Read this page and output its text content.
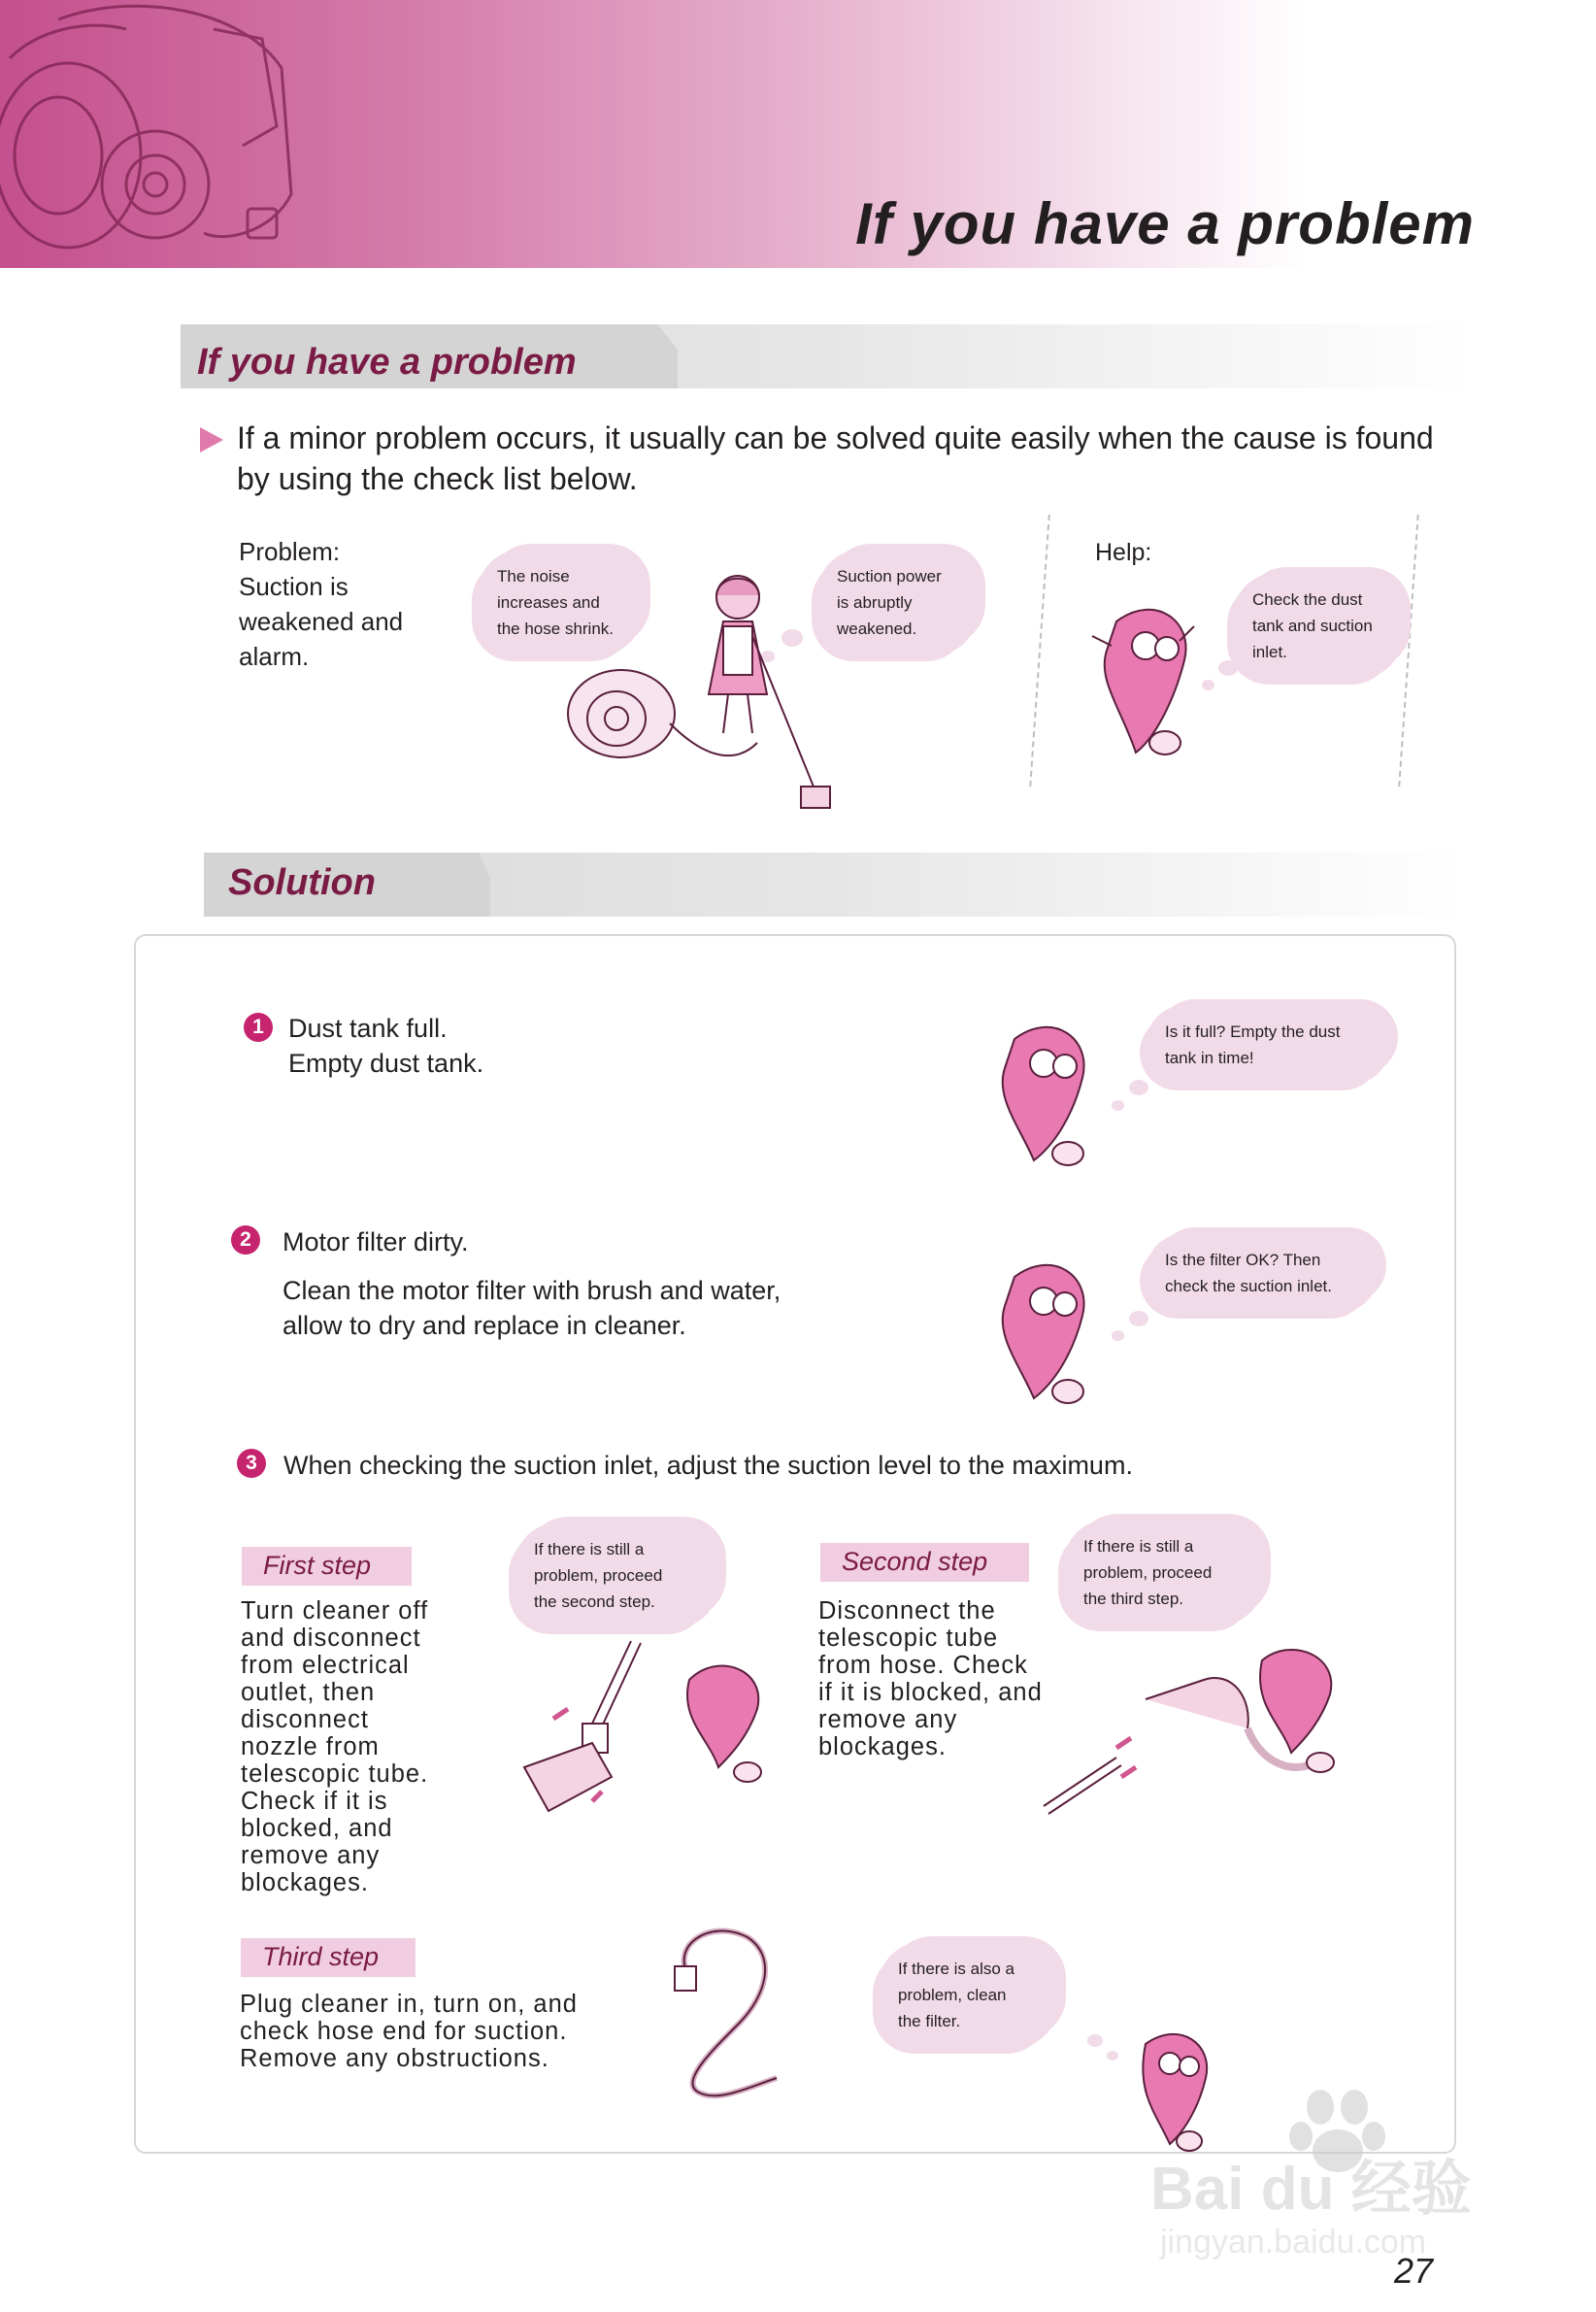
If you have a problem
If you have a problem
If a minor problem occurs, it usually can be solved quite easily when the cause is found by using the check list below.
Problem:
Suction is
weakened and
alarm.
The noise
increases and
the hose shrink.
Suction power
is abruptly
weakened.
Help:
Check the dust
tank and suction
inlet.
Solution
1 Dust tank full.
Empty dust tank.
Is it full? Empty the dust
tank in time!
2	Motor filter dirty.
Clean the motor filter with brush and water,
allow to dry and replace in cleaner.
Is the filter OK? Then
check the suction inlet.
3	When checking the suction inlet, adjust the suction level to the maximum.
First step
Turn cleaner off
and disconnect
from electrical
outlet, then
disconnect
nozzle from
telescopic tube.
Check if it is
blocked, and
remove any
blockages.
If there is still a
problem, proceed
the second step.
Second step
Disconnect the
telescopic tube
from hose. Check
if it is blocked, and
remove any
blockages.
If there is still a
problem, proceed
the third step.
Third step
Plug cleaner in, turn on, and
check hose end for suction.
Remove any obstructions.
If there is also a
problem, clean
the filter.
Bai du 经验
jingyan.baidu.com
27
